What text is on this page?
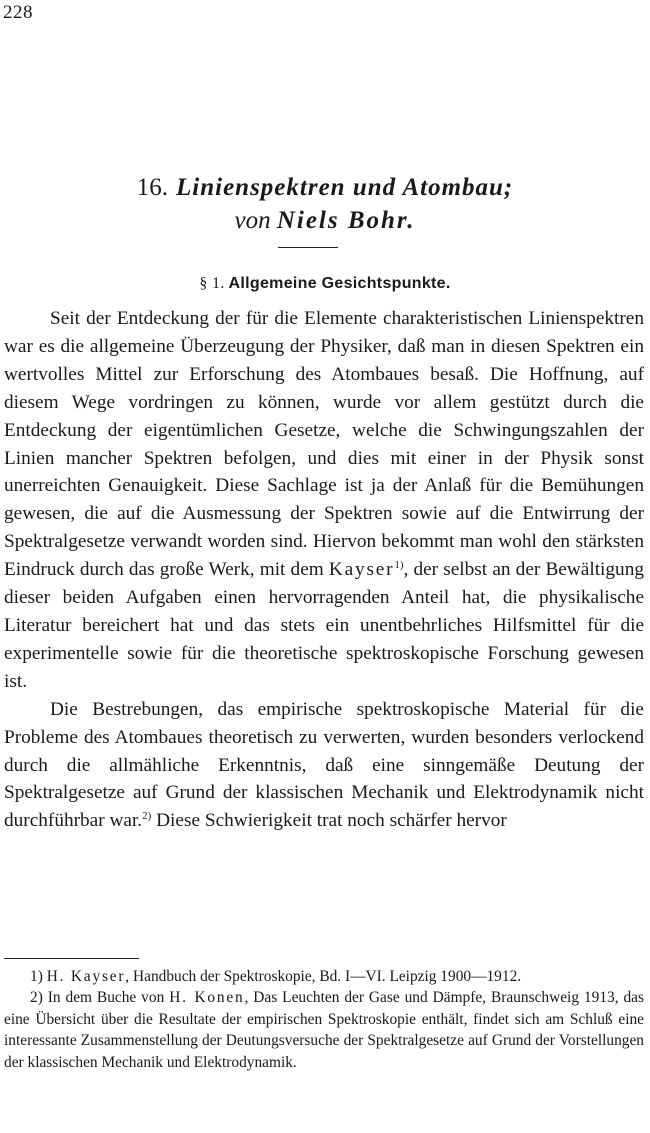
228
16. Linienspektren und Atombau;
von Niels Bohr.
§ 1. Allgemeine Gesichtspunkte.

Seit der Entdeckung der für die Elemente charakteristischen Linienspektren war es die allgemeine Überzeugung der Physiker, daß man in diesen Spektren ein wertvolles Mittel zur Erforschung des Atombaues besaß. Die Hoffnung, auf diesem Wege vordringen zu können, wurde vor allem gestützt durch die Entdeckung der eigentümlichen Gesetze, welche die Schwingungszahlen der Linien mancher Spektren befolgen, und dies mit einer in der Physik sonst unerreichten Genauigkeit. Diese Sachlage ist ja der Anlaß für die Bemühungen gewesen, die auf die Ausmessung der Spektren sowie auf die Entwirrung der Spektralgesetze verwandt worden sind. Hiervon bekommt man wohl den stärksten Eindruck durch das große Werk, mit dem Kayser$^{1)}$, der selbst an der Bewältigung dieser beiden Aufgaben einen hervorragenden Anteil hat, die physikalische Literatur bereichert hat und das stets ein unentbehrliches Hilfsmittel für die experimentelle sowie für die theoretische spektroskopische Forschung gewesen ist.

Die Bestrebungen, das empirische spektroskopische Material für die Probleme des Atombaues theoretisch zu verwerten, wurden besonders verlockend durch die allmähliche Erkenntnis, daß eine sinngemäße Deutung der Spektralgesetze auf Grund der klassischen Mechanik und Elektrodynamik nicht durchführbar war.$^{2)}$ Diese Schwierigkeit trat noch schärfer hervor

1) H. Kayser, Handbuch der Spektroskopie, Bd. I—VI. Leipzig 1900—1912.

2) In dem Buche von H. Konen, Das Leuchten der Gase und Dämpfe, Braunschweig 1913, das eine Übersicht über die Resultate der empirischen Spektroskopie enthält, findet sich am Schluß eine interessante Zusammenstellung der Deutungsversuche der Spektralgesetze auf Grund der Vorstellungen der klassischen Mechanik und Elektrodynamik.
